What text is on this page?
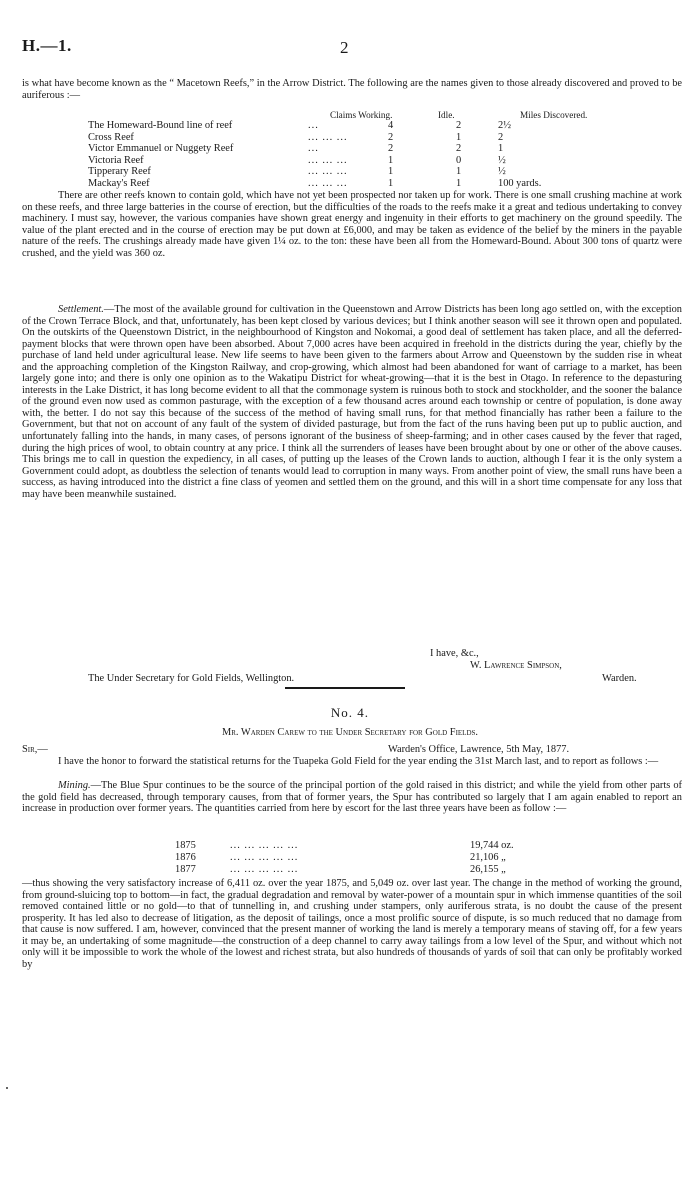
H.—1.	2

is what have become known as the “ Macetown Reefs,” in the Arrow District. The following are the names given to those already discovered and proved to be auriferous :—

Claims Working.	Idle.	Miles Discovered.
The Homeward-Bound line of reef	...	4	2	2½
Cross Reef	... ... ...	2	1	2
Victor Emmanuel or Nuggety Reef	...	2	2	1
Victoria Reef	... ... ...	1	0	½
Tipperary Reef	... ... ...	1	1	½
Mackay's Reef	... ... ...	1	1	100 yards.

There are other reefs known to contain gold, which have not yet been prospected nor taken up for work. There is one small crushing machine at work on these reefs, and three large batteries in the course of erection, but the difficulties of the roads to the reefs make it a great and tedious undertaking to convey machinery. I must say, however, the various companies have shown great energy and ingenuity in their efforts to get machinery on the ground speedily. The value of the plant erected and in the course of erection may be put down at £6,000, and may be taken as evidence of the belief by the miners in the payable nature of the reefs. The crushings already made have given 1¼ oz. to the ton: these have been all from the Homeward-Bound. About 300 tons of quartz were crushed, and the yield was 360 oz.

Settlement.—The most of the available ground for cultivation in the Queenstown and Arrow Districts has been long ago settled on, with the exception of the Crown Terrace Block, and that, unfortunately, has been kept closed by various devices; but I think another season will see it thrown open and populated. On the outskirts of the Queenstown District, in the neighbourhood of Kingston and Nokomai, a good deal of settlement has taken place, and all the deferred-payment blocks that were thrown open have been absorbed. About 7,000 acres have been acquired in freehold in the districts during the year, chiefly by the purchase of land held under agricultural lease. New life seems to have been given to the farmers about Arrow and Queenstown by the sudden rise in wheat and the approaching completion of the Kingston Railway, and crop-growing, which almost had been abandoned for want of carriage to a market, has been largely gone into; and there is only one opinion as to the Wakatipu District for wheat-growing—that it is the best in Otago. In reference to the depasturing interests in the Lake District, it has long become evident to all that the commonage system is ruinous both to stock and stockholder, and the sooner the balance of the ground even now used as common pasturage, with the exception of a few thousand acres around each township or centre of population, is done away with, the better. I do not say this because of the success of the method of having small runs, for that method financially has rather been a failure to the Government, but that not on account of any fault of the system of divided pasturage, but from the fact of the runs having been put up to public auction, and unfortunately falling into the hands, in many cases, of persons ignorant of the business of sheep-farming; and in other cases caused by the fever that raged, during the high prices of wool, to obtain country at any price. I think all the surrenders of leases have been brought about by one or other of the above causes. This brings me to call in question the expediency, in all cases, of putting up the leases of the Crown lands to auction, although I fear it is the only system a Government could adopt, as doubtless the selection of tenants would lead to corruption in many ways. From another point of view, the small runs have been a success, as having introduced into the district a fine class of yeomen and settled them on the ground, and this will in a short time compensate for any loss that may have been meanwhile sustained.

I have, &c.,
W. Lawrence Simpson,
The Under Secretary for Gold Fields, Wellington.	Warden.
No. 4.
Mr. Warden Carew to the Under Secretary for Gold Fields.
Sir,—	Warden's Office, Lawrence, 5th May, 1877.

I have the honor to forward the statistical returns for the Tuapeka Gold Field for the year ending the 31st March last, and to report as follows :—

Mining.—The Blue Spur continues to be the source of the principal portion of the gold raised in this district; and while the yield from other parts of the gold field has decreased, through temporary causes, from that of former years, the Spur has contributed so largely that I am again enabled to report an increase in production over former years. The quantities carried from here by escort for the last three years have been as follow :—

1875	... ... ... ... ...	19,744 oz.
1876	... ... ... ... ...	21,106 „
1877	... ... ... ... ...	26,155 „

—thus showing the very satisfactory increase of 6,411 oz. over the year 1875, and 5,049 oz. over last year. The change in the method of working the ground, from ground-sluicing top to bottom—in fact, the gradual degradation and removal by water-power of a mountain spur in which immense quantities of the soil removed contained little or no gold—to that of tunnelling in, and crushing under stampers, only auriferous strata, is no doubt the cause of the present prosperity. It has led also to decrease of litigation, as the deposit of tailings, once a most prolific source of dispute, is so much reduced that no damage from that cause is now suffered. I am, however, convinced that the present manner of working the land is merely a temporary means of staving off, for a few years it may be, an undertaking of some magnitude—the construction of a deep channel to carry away tailings from a low level of the Spur, and without which not only will it be impossible to work the whole of the lowest and richest strata, but also hundreds of thousands of yards of soil that can only be profitably worked by
